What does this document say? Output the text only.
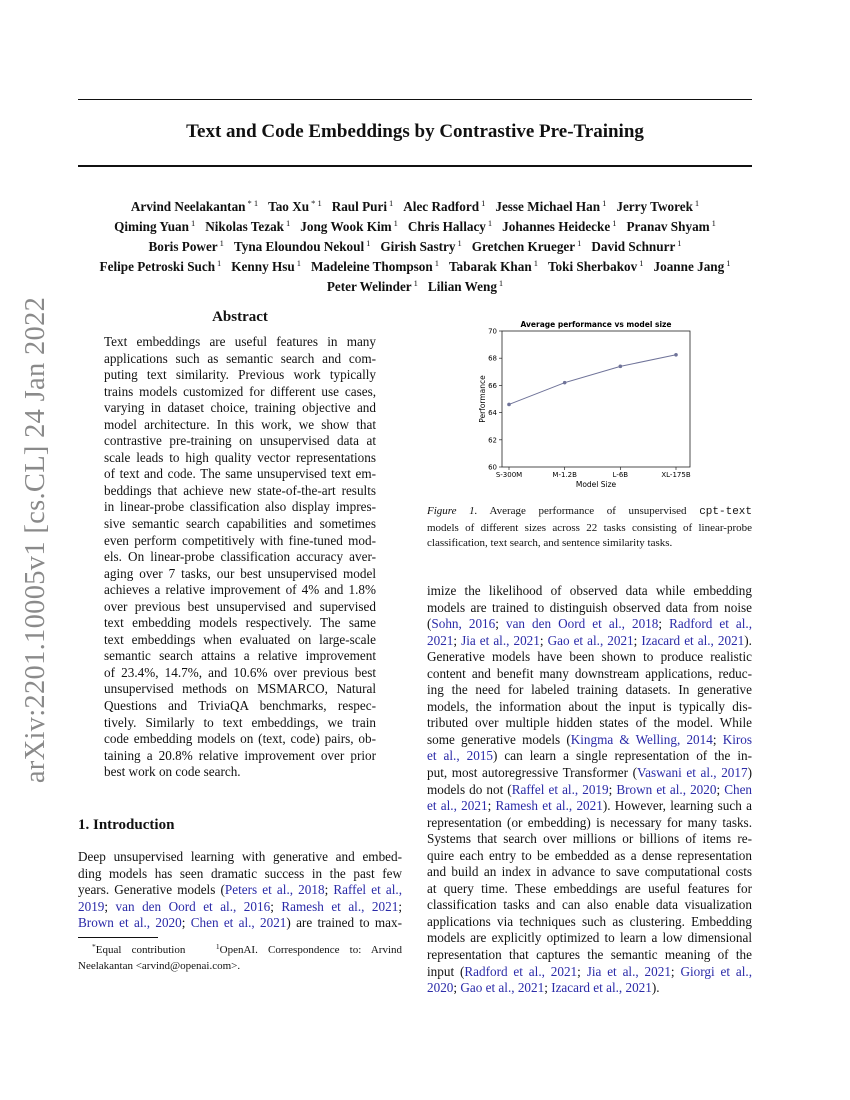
Text and Code Embeddings by Contrastive Pre-Training
Arvind Neelakantan $^{* 1}$ Tao Xu $^{* 1}$ Raul Puri $^1$ Alec Radford $^1$ Jesse Michael Han $^1$ Jerry Tworek $^1$
Qiming Yuan $^1$ Nikolas Tezak $^1$ Jong Wook Kim $^1$ Chris Hallacy $^1$ Johannes Heidecke $^1$ Pranav Shyam $^1$
Boris Power $^1$ Tyna Eloundou Nekoul $^1$ Girish Sastry $^1$ Gretchen Krueger $^1$ David Schnurr $^1$
Felipe Petroski Such $^1$ Kenny Hsu $^1$ Madeleine Thompson $^1$ Tabarak Khan $^1$ Toki Sherbakov $^1$ Joanne Jang $^1$
Peter Welinder $^1$ Lilian Weng $^1$
arXiv:2201.10005v1 [cs.CL] 24 Jan 2022	Abstract
Text embeddings are useful features in many
applications such as semantic search and com-
puting text similarity. Previous work typically
trains models customized for different use cases,
varying in dataset choice, training objective and
model architecture. In this work, we show that
contrastive pre-training on unsupervised data at
scale leads to high quality vector representations
of text and code. The same unsupervised text em-
beddings that achieve new state-of-the-art results
in linear-probe classification also display impres-
sive semantic search capabilities and sometimes
even perform competitively with fine-tuned mod-
els. On linear-probe classification accuracy aver-
aging over 7 tasks, our best unsupervised model
achieves a relative improvement of 4% and 1.8%
over previous best unsupervised and supervised
text embedding models respectively. The same
text embeddings when evaluated on large-scale
semantic search attains a relative improvement
of 23.4%, 14.7%, and 10.6% over previous best
unsupervised methods on MSMARCO, Natural
Questions and TriviaQA benchmarks, respec-
tively. Similarly to text embeddings, we train
code embedding models on (text, code) pairs, ob-
taining a 20.8% relative improvement over prior
best work on code search.
1. Introduction
Deep unsupervised learning with generative and embed-
ding models has seen dramatic success in the past few
years. Generative models (Peters et al., 2018; Raffel et al.,
2019; van den Oord et al., 2016; Ramesh et al., 2021;
Brown et al., 2020; Chen et al., 2021) are trained to max-
*Equal contribution	$^1$OpenAI. Correspondence to: Arvind
Neelakantan <arvind@openai.com>.
Average performance vs model size
60
62
64
66
68
70
S-300M	M-1.2B	L-6B	XL-175B
Model Size
Performance
Figure 1. Average performance of unsupervised cpt-text
models of different sizes across 22 tasks consisting of linear-probe
classification, text search, and sentence similarity tasks.
imize the likelihood of observed data while embedding
models are trained to distinguish observed data from noise
(Sohn, 2016; van den Oord et al., 2018; Radford et al.,
2021; Jia et al., 2021; Gao et al., 2021; Izacard et al., 2021).
Generative models have been shown to produce realistic
content and benefit many downstream applications, reduc-
ing the need for labeled training datasets. In generative
models, the information about the input is typically dis-
tributed over multiple hidden states of the model. While
some generative models (Kingma & Welling, 2014; Kiros
et al., 2015) can learn a single representation of the in-
put, most autoregressive Transformer (Vaswani et al., 2017)
models do not (Raffel et al., 2019; Brown et al., 2020; Chen
et al., 2021; Ramesh et al., 2021). However, learning such a
representation (or embedding) is necessary for many tasks.
Systems that search over millions or billions of items re-
quire each entry to be embedded as a dense representation
and build an index in advance to save computational costs
at query time. These embeddings are useful features for
classification tasks and can also enable data visualization
applications via techniques such as clustering. Embedding
models are explicitly optimized to learn a low dimensional
representation that captures the semantic meaning of the
input (Radford et al., 2021; Jia et al., 2021; Giorgi et al.,
2020; Gao et al., 2021; Izacard et al., 2021).
